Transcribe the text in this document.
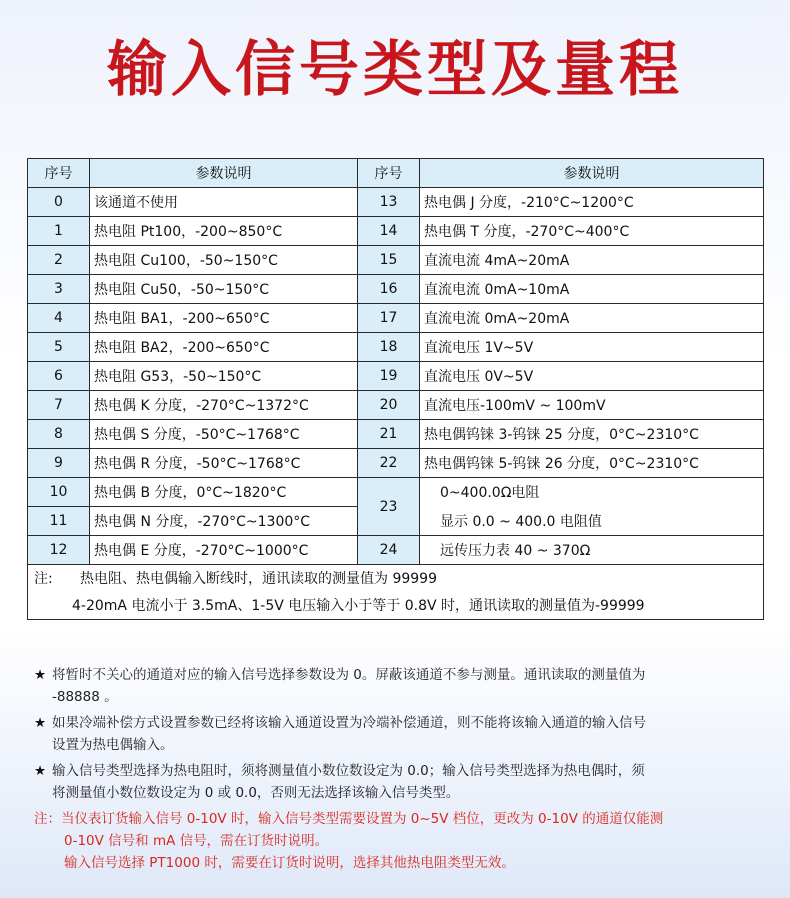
输入信号类型及量程
序号	参数说明	序号	参数说明
0	该通道不使用	13	热电偶 J 分度，-210°C~1200°C
1	热电阻 Pt100，-200~850°C	14	热电偶 T 分度，-270°C~400°C
2	热电阻 Cu100，-50~150°C	15	直流电流 4mA~20mA
3	热电阻 Cu50，-50~150°C	16	直流电流 0mA~10mA
4	热电阻 BA1，-200~650°C	17	直流电流 0mA~20mA
5	热电阻 BA2，-200~650°C	18	直流电压 1V~5V
6	热电阻 G53，-50~150°C	19	直流电压 0V~5V
7	热电偶 K 分度，-270°C~1372°C	20	直流电压-100mV ~ 100mV
8	热电偶 S 分度，-50°C~1768°C	21	热电偶钨铼 3-钨铼 25 分度，0°C~2310°C
9	热电偶 R 分度，-50°C~1768°C	22	热电偶钨铼 5-钨铼 26 分度，0°C~2310°C
10	热电偶 B 分度，0°C~1820°C	23	0~400.0Ω电阻
11	热电偶 N 分度，-270°C~1300°C		显示 0.0 ~ 400.0 电阻值
12	热电偶 E 分度，-270°C~1000°C	24	远传压力表 40 ~ 370Ω
注: 热电阻、热电偶输入断线时，通讯读取的测量值为 99999			
4-20mA 电流小于 3.5mA、1-5V 电压输入小于等于 0.8V 时，通讯读取的测量值为-99999			

★ 将暂时不关心的通道对应的输入信号选择参数设为 0。屏蔽该通道不参与测量。通讯读取的测量值为
-88888 。

★ 如果冷端补偿方式设置参数已经将该输入通道设置为冷端补偿通道，则不能将该输入通道的输入信号
设置为热电偶输入。

★ 输入信号类型选择为热电阻时，须将测量值小数位数设定为 0.0；输入信号类型选择为热电偶时，须
将测量值小数位数设定为 0 或 0.0，否则无法选择该输入信号类型。

注：当仪表订货输入信号 0-10V 时，输入信号类型需要设置为 0~5V 档位，更改为 0-10V 的通道仅能测
0-10V 信号和 mA 信号，需在订货时说明。
输入信号选择 PT1000 时，需要在订货时说明，选择其他热电阻类型无效。
